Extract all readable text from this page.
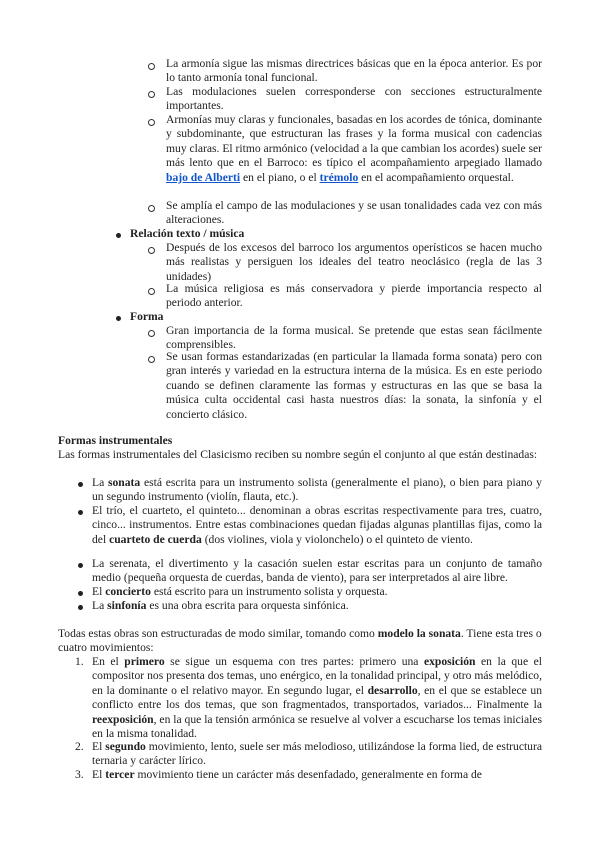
La armonía sigue las mismas directrices básicas que en la época anterior. Es por lo tanto armonía tonal funcional.
Las modulaciones suelen corresponderse con secciones estructuralmente importantes.
Armonías muy claras y funcionales, basadas en los acordes de tónica, dominante y subdominante, que estructuran las frases y la forma musical con cadencias muy claras. El ritmo armónico (velocidad a la que cambian los acordes) suele ser más lento que en el Barroco: es típico el acompañamiento arpegiado llamado bajo de Alberti en el piano, o el trémolo en el acompañamiento orquestal.
Se amplía el campo de las modulaciones y se usan tonalidades cada vez con más alteraciones.
Relación texto / música
Después de los excesos del barroco los argumentos operísticos se hacen mucho más realistas y persiguen los ideales del teatro neoclásico (regla de las 3 unidades)
La música religiosa es más conservadora y pierde importancia respecto al periodo anterior.
Forma
Gran importancia de la forma musical. Se pretende que estas sean fácilmente comprensibles.
Se usan formas estandarizadas (en particular la llamada forma sonata) pero con gran interés y variedad en la estructura interna de la música. Es en este periodo cuando se definen claramente las formas y estructuras en las que se basa la música culta occidental casi hasta nuestros días: la sonata, la sinfonía y el concierto clásico.
Formas instrumentales
Las formas instrumentales del Clasicismo reciben su nombre según el conjunto al que están destinadas:
La sonata está escrita para un instrumento solista (generalmente el piano), o bien para piano y un segundo instrumento (violín, flauta, etc.).
El trío, el cuarteto, el quinteto... denominan a obras escritas respectivamente para tres, cuatro, cinco... instrumentos. Entre estas combinaciones quedan fijadas algunas plantillas fijas, como la del cuarteto de cuerda (dos violines, viola y violonchelo) o el quinteto de viento.
La serenata, el divertimento y la casación suelen estar escritas para un conjunto de tamaño medio (pequeña orquesta de cuerdas, banda de viento), para ser interpretados al aire libre.
El concierto está escrito para un instrumento solista y orquesta.
La sinfonía es una obra escrita para orquesta sinfónica.
Todas estas obras son estructuradas de modo similar, tomando como modelo la sonata. Tiene esta tres o cuatro movimientos:
1. En el primero se sigue un esquema con tres partes: primero una exposición en la que el compositor nos presenta dos temas, uno enérgico, en la tonalidad principal, y otro más melódico, en la dominante o el relativo mayor. En segundo lugar, el desarrollo, en el que se establece un conflicto entre los dos temas, que son fragmentados, transportados, variados... Finalmente la reexposición, en la que la tensión armónica se resuelve al volver a escucharse los temas iniciales en la misma tonalidad.
2. El segundo movimiento, lento, suele ser más melodioso, utilizándose la forma lied, de estructura ternaria y carácter lírico.
3. El tercer movimiento tiene un carácter más desenfadado, generalmente en forma de
